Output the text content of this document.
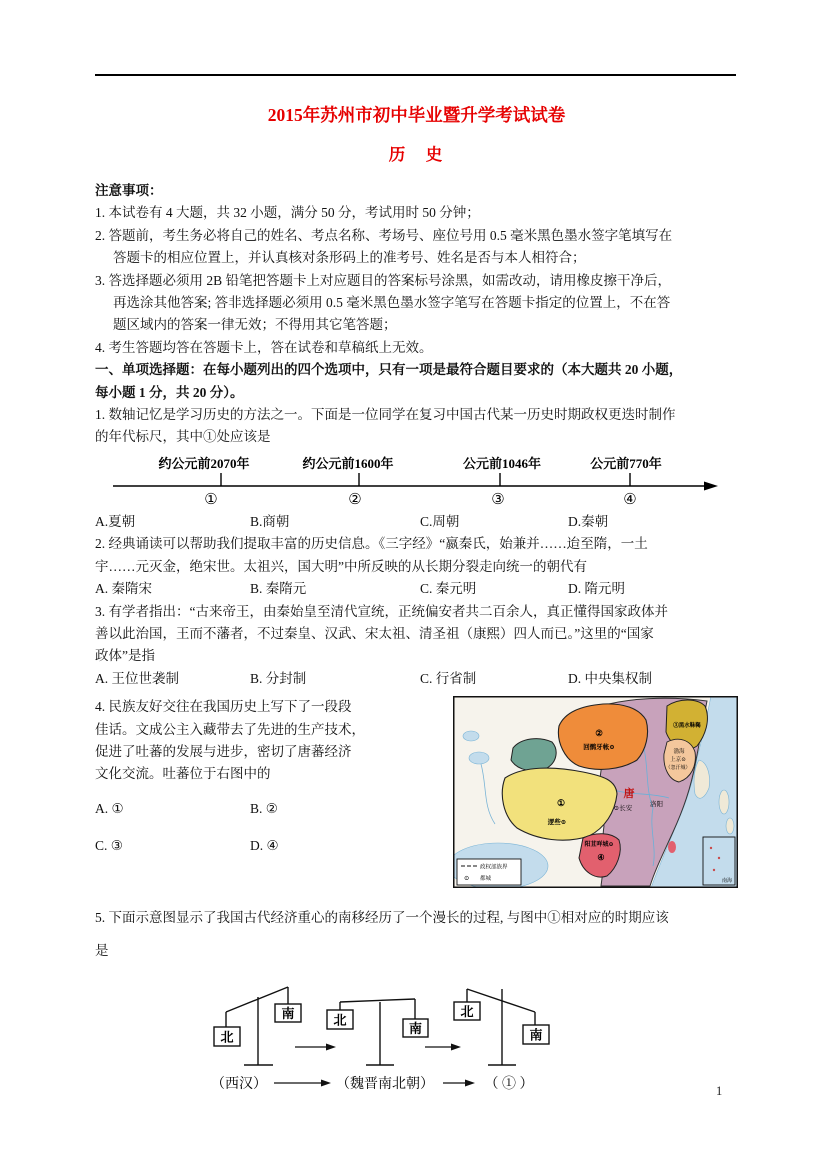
2015年苏州市初中毕业暨升学考试试卷
历　史
注意事项：
1. 本试卷有 4 大题，共 32 小题，满分 50 分，考试用时 50 分钟；
2. 答题前，考生务必将自己的姓名、考点名称、考场号、座位号用 0.5 毫米黑色墨水签字笔填写在
答题卡的相应位置上，并认真核对条形码上的准考号、姓名是否与本人相符合；
3. 答选择题必须用 2B 铅笔把答题卡上对应题目的答案标号涂黑，如需改动，请用橡皮擦干净后，
再选涂其他答案; 答非选择题必须用 0.5 毫米黑色墨水签字笔写在答题卡指定的位置上，不在答
题区域内的答案一律无效；不得用其它笔答题；
4. 考生答题均答在答题卡上，答在试卷和草稿纸上无效。
一、单项选择题：在每小题列出的四个选项中，只有一项是最符合题目要求的（本大题共 20 小题，
每小题 1 分，共 20 分）。
1. 数轴记忆是学习历史的方法之一。下面是一位同学在复习中国古代某一历史时期政权更迭时制作
的年代标尺，其中①处应该是
约公元前2070年	约公元前1600年	公元前1046年	公元前770年
①	②	③	④
A.夏朝	B.商朝	C.周朝	D.秦朝
2. 经典诵读可以帮助我们提取丰富的历史信息。《三字经》“嬴秦氏，始兼并……迨至隋，一土
宇……元灭金，绝宋世。太祖兴，国大明”中所反映的从长期分裂走向统一的朝代有
A. 秦隋宋	B. 秦隋元	C. 秦元明	D. 隋元明
3. 有学者指出：“古来帝王，由秦始皇至清代宣统，正统偏安者共二百余人，真正懂得国家政体并
善以此治国，王而不藩者，不过秦皇、汉武、宋太祖、清圣祖（康熙）四人而已。”这里的“国家
政体”是指
A. 王位世袭制	B. 分封制	C. 行省制	D. 中央集权制
4. 民族友好交往在我国历史上写下了一段段
佳话。文成公主入藏带去了先进的生产技术，
促进了吐蕃的发展与进步，密切了唐蕃经济
文化交流。吐蕃位于右图中的
A. ①	B. ②
C. ③	D. ④
②
回鹘牙帐⊙
③黑水靺鞨
渤海
上京⊙
（忽汗城）
①
逻些⊙
唐
⊙长安
洛阳
阳苴咩城⊙
④
政权部族界
⊙ 都城	南海
5. 下面示意图显示了我国古代经济重心的南移经历了一个漫长的过程, 与图中①相对应的时期应该
是
北
南	北
南
北
南
（西汉）	（魏晋南北朝）	（ ① ）	1
